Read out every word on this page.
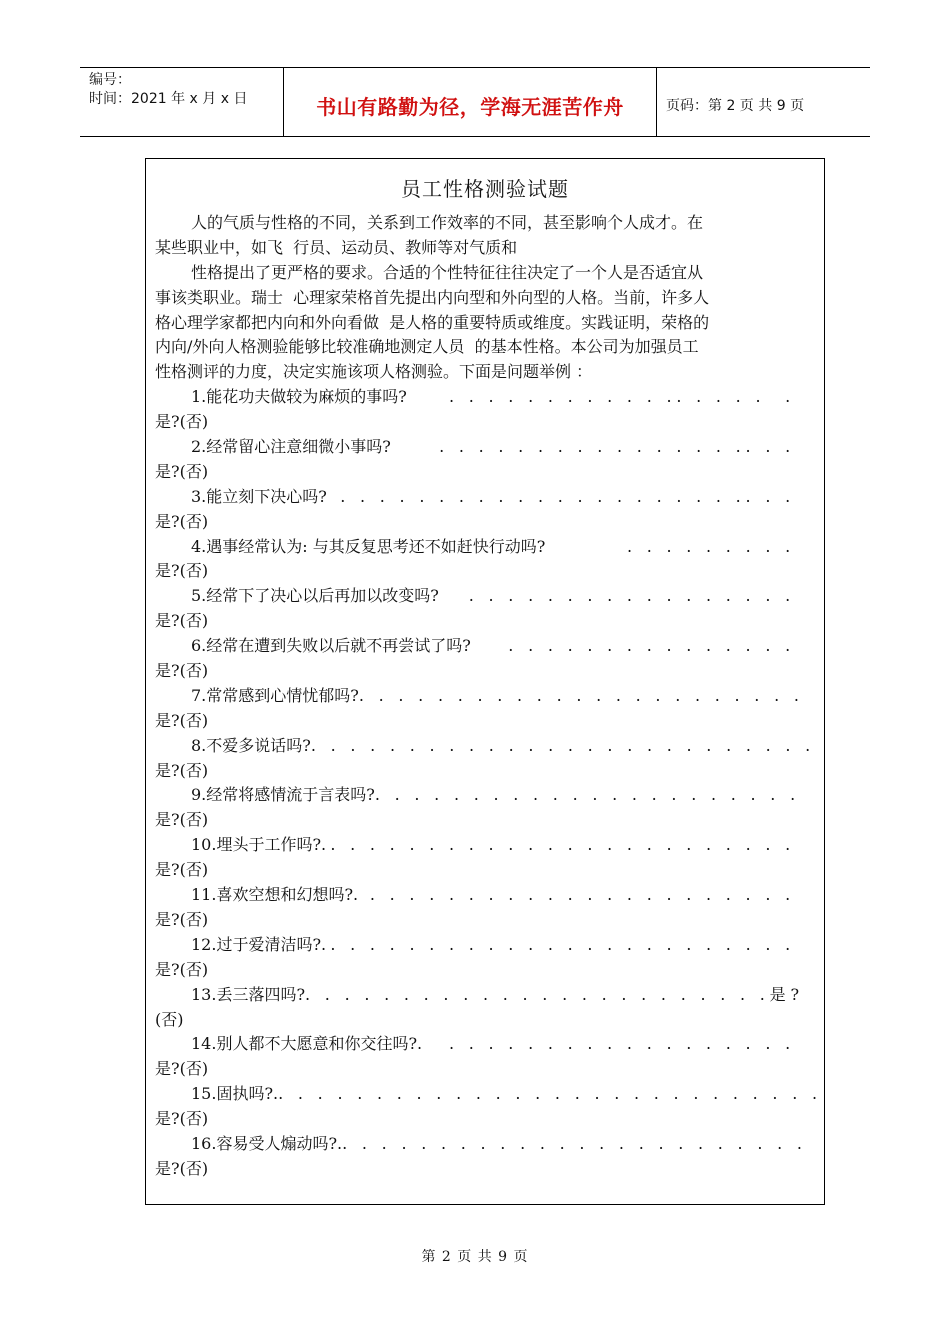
编号：
时间：2021 年 x 月 x 日	书山有路勤为径，学海无涯苦作舟	页码：第 2 页 共 9 页
员工性格测验试题
人的气质与性格的不同，关系到工作效率的不同，甚至影响个人成才。在
某些职业中，如飞  行员、运动员、教师等对气质和
性格提出了更严格的要求。合适的个性特征往往决定了一个人是否适宜从
事该类职业。瑞士  心理家荣格首先提出内向型和外向型的人格。当前，许多人
格心理学家都把内向和外向看做  是人格的重要特质或维度。实践证明，荣格的
内向/外向人格测验能够比较准确地测定人员  的基本性格。本公司为加强员工
性格测评的力度，决定实施该项人格测验。下面是问题举例 ：
1.能花功夫做较为麻烦的事吗?	. . . . . . . . . . . .. . . . .  .
是?(否)
2.经常留心注意细微小事吗?	. . . . . . . . . . . . . . . .. . .
是?(否)
3.能立刻下决心吗? . . . . . . . . . . . . . . . . . . . . .. . .
是?(否)
4.遇事经常认为: 与其反复思考还不如赶快行动吗?	. . . . . . . . .
是?(否)
5.经常下了决心以后再加以改变吗? . . . . . . . . . . . . . . . . .
是?(否)
6.经常在遭到失败以后就不再尝试了吗? . . . . . . . . . . . . . . .
是?(否)
7.常常感到心情忧郁吗? . . . . . . . . . . . . . . . . . . . . . . .
是?(否)
8.不爱多说话吗? . . . . . . . . . . . . . . . . . . . . . . . . . .
是?(否)
9.经常将感情流于言表吗? . . . . . . . . . . . . . . . . . . . . . .
是?(否)
10.埋头于工作吗?. . . . . . . . . . . . . . . . . . . . . . . . .
是?(否)
11.喜欢空想和幻想吗?. . . . . . . . . . . . . . . . . . . . . . .
是?(否)
12.过于爱清洁吗?. . . . . . . . . . . . . . . . . . . . . . . . .
是?(否)
13.丢三落四吗? . . . . . . . . . . . . . . . . . . . . . . . .是?
(否)
14.别人都不大愿意和你交往吗?. . . . . . . . . . . . . . . . . . .
是?(否)
15.固执吗?. . . . . . . . . . . . . . . . . . . . . . . . . . . . .
是?(否)
16.容易受人煽动吗?. . . . . . . . . . . . . . . . . . . . . . . . .
是?(否)
第 2 页 共 9 页
